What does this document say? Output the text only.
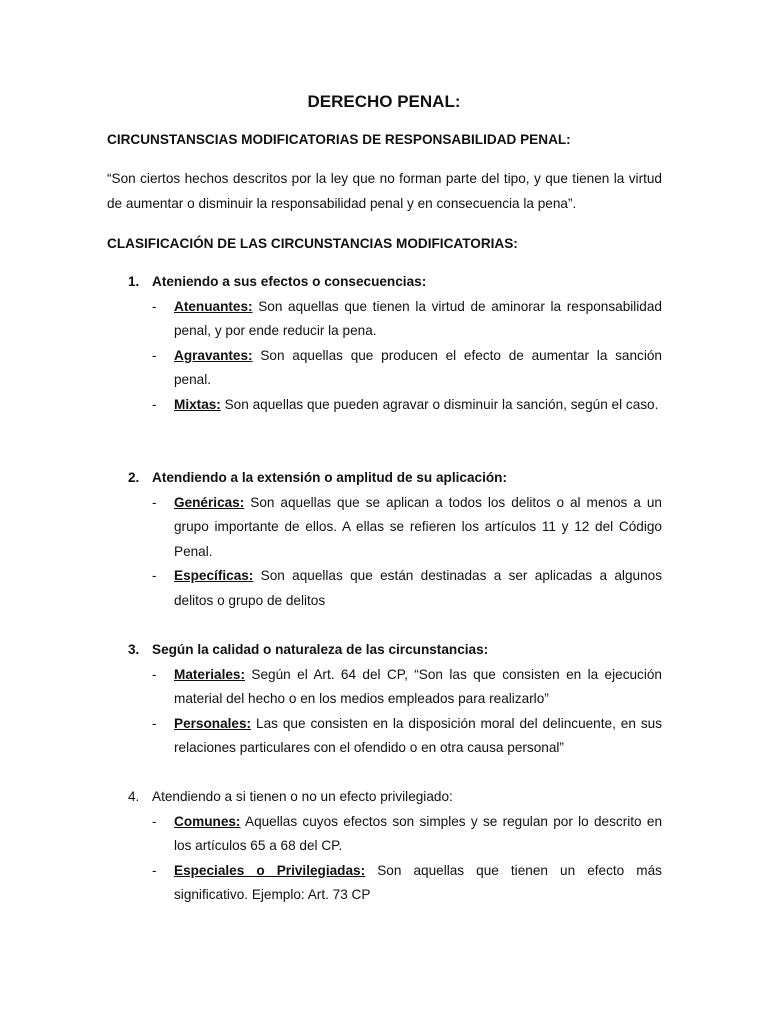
DERECHO PENAL:
CIRCUNSTANSCIAS MODIFICATORIAS DE RESPONSABILIDAD PENAL:
“Son ciertos hechos descritos por la ley que no forman parte del tipo, y que tienen la virtud de aumentar o disminuir la responsabilidad penal y en consecuencia la pena”.
CLASIFICACIÓN DE LAS CIRCUNSTANCIAS MODIFICATORIAS:
1. Ateniendo a sus efectos o consecuencias:
- Atenuantes: Son aquellas que tienen la virtud de aminorar la responsabilidad penal, y por ende reducir la pena.
- Agravantes: Son aquellas que producen el efecto de aumentar la sanción penal.
- Mixtas: Son aquellas que pueden agravar o disminuir la sanción, según el caso.
2. Atendiendo a la extensión o amplitud de su aplicación:
- Genéricas: Son aquellas que se aplican a todos los delitos o al menos a un grupo importante de ellos. A ellas se refieren los artículos 11 y 12 del Código Penal.
- Específicas: Son aquellas que están destinadas a ser aplicadas a algunos delitos o grupo de delitos
3. Según la calidad o naturaleza de las circunstancias:
- Materiales: Según el Art. 64 del CP, “Son las que consisten en la ejecución material del hecho o en los medios empleados para realizarlo”
- Personales: Las que consisten en la disposición moral del delincuente, en sus relaciones particulares con el ofendido o en otra causa personal”
4. Atendiendo a si tienen o no un efecto privilegiado:
- Comunes: Aquellas cuyos efectos son simples y se regulan por lo descrito en los artículos 65 a 68 del CP.
- Especiales o Privilegiadas: Son aquellas que tienen un efecto más significativo. Ejemplo: Art. 73 CP
